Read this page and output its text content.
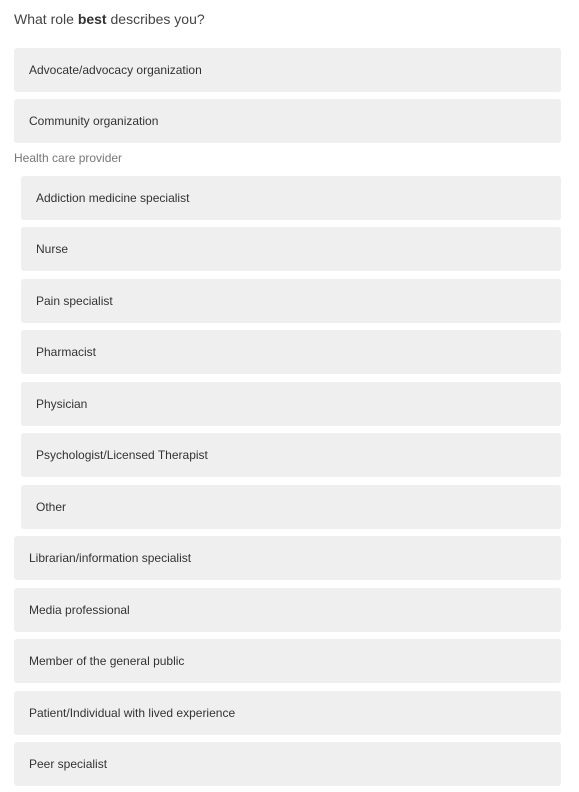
What role best describes you?

Advocate/advocacy organization
Community organization
Health care provider
Addiction medicine specialist
Nurse
Pain specialist
Pharmacist
Physician
Psychologist/Licensed Therapist
Other
Librarian/information specialist
Media professional
Member of the general public
Patient/Individual with lived experience
Peer specialist
